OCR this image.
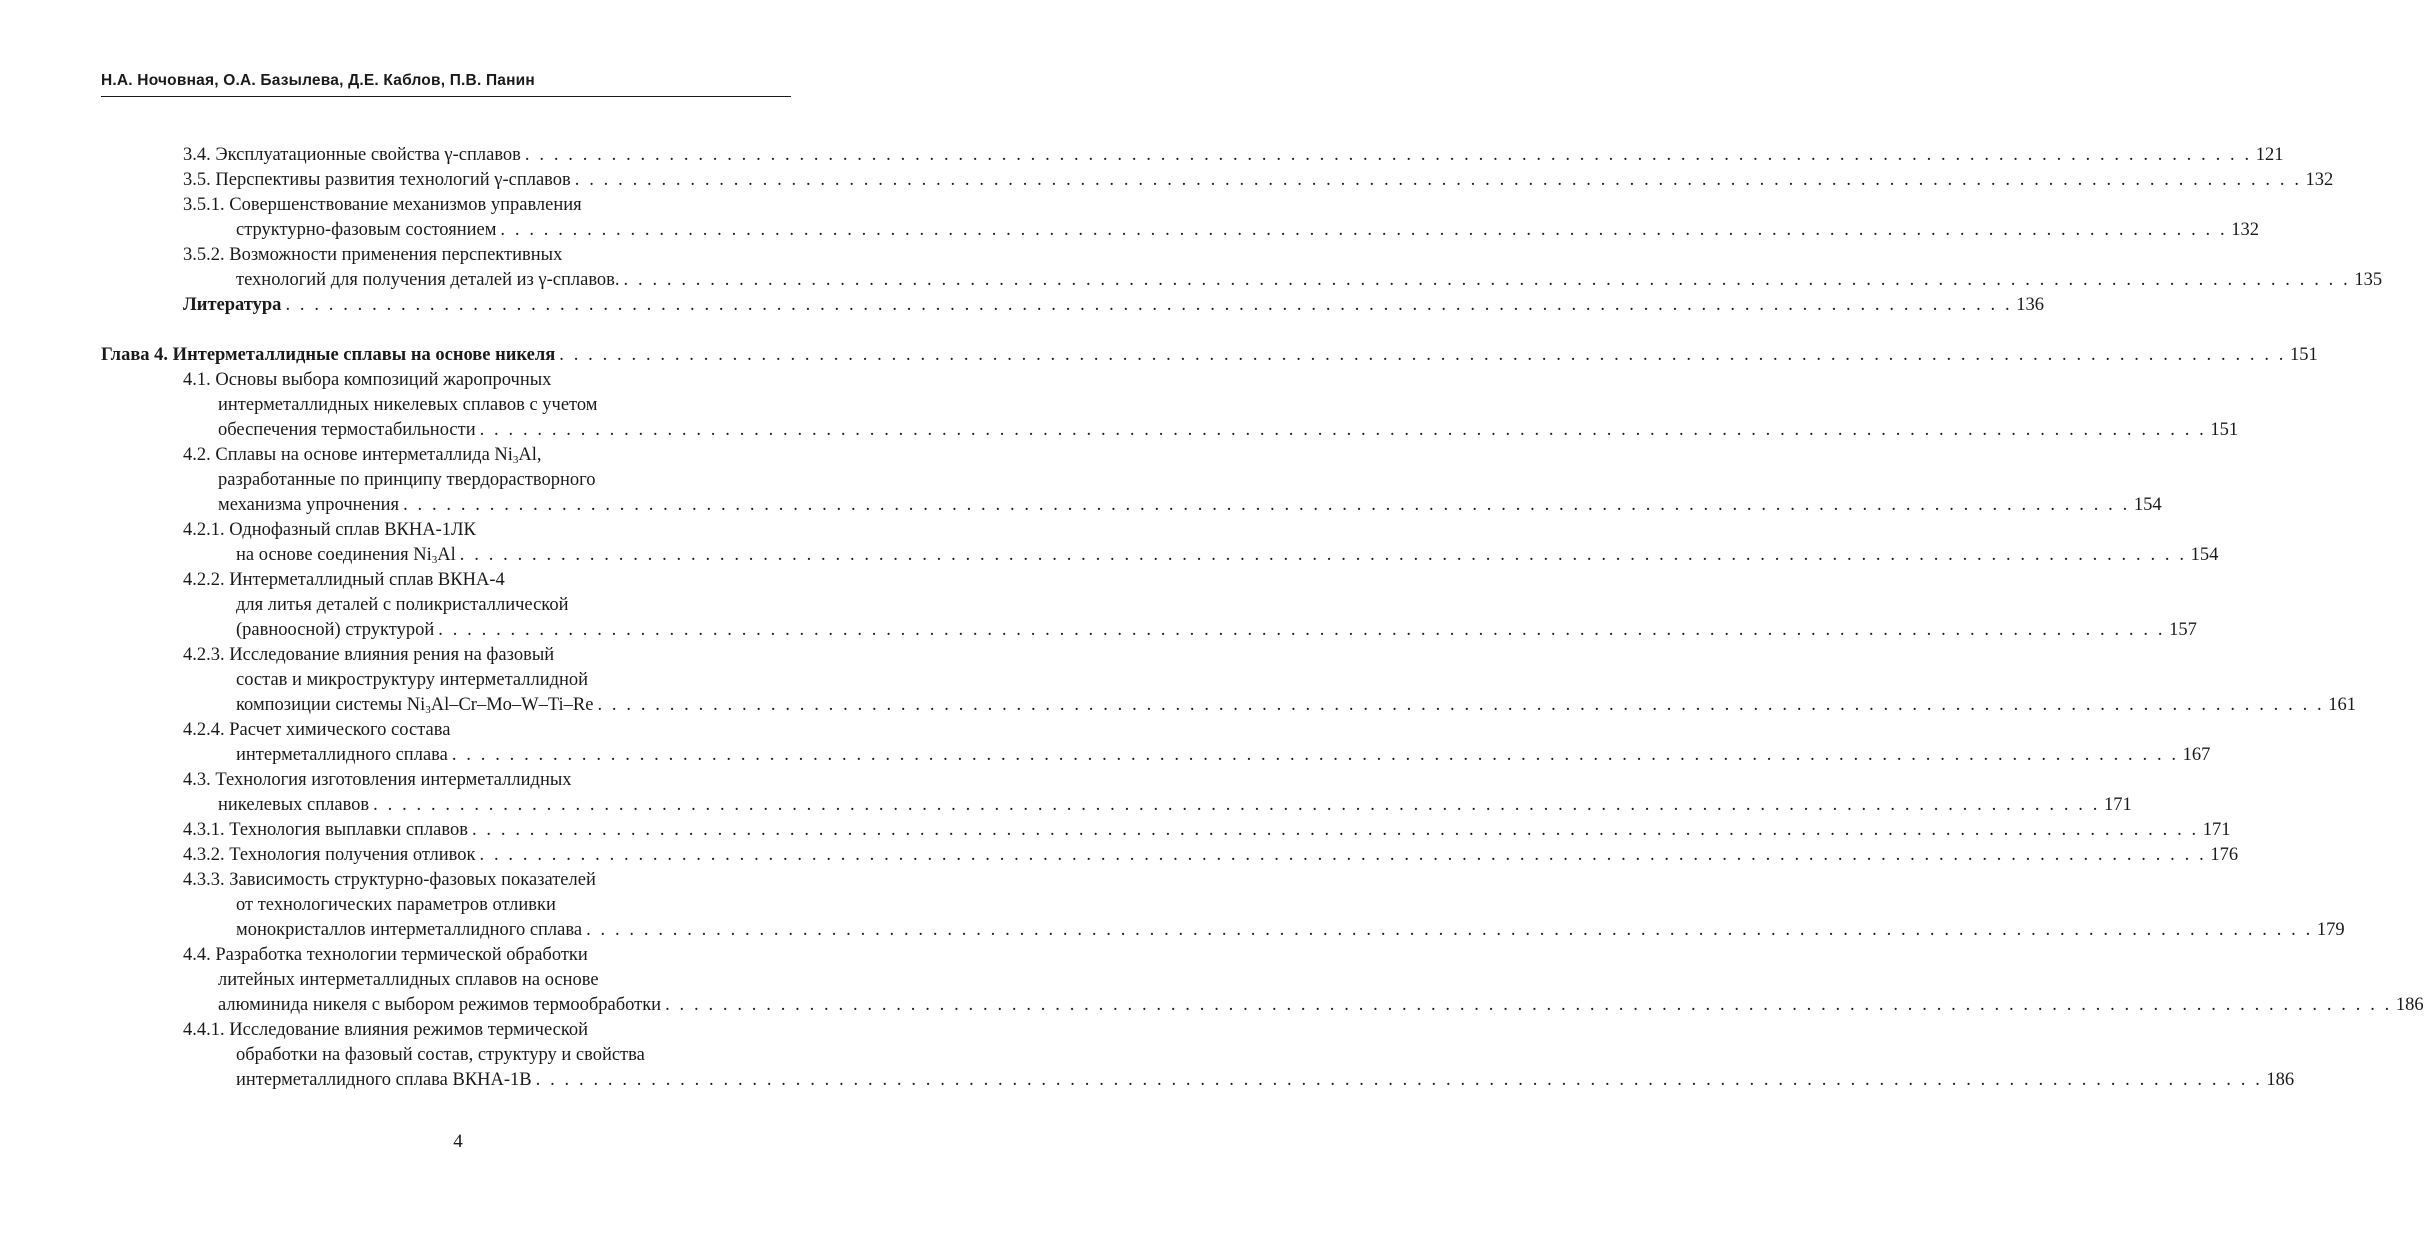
Н.А. Ночовная, О.А. Базылева, Д.Е. Каблов, П.В. Панин
3.4. Эксплуатационные свойства γ-сплавов . . . . . . . . . . . . . . . . . . . . . . . . . . . . . . . . . . . . . . . . . . . . . . . . . . . . . . . . . . . . . . . . . . . . . . . . . . . . . . . . . . . . . . . . . . . . . . . . . . . . . . . . . . . . . . . . . . . . . . . . 121
3.5. Перспективы развития технологий γ-сплавов . . . . . . . . . . . . . . . . . . . . . . . . . . . . . . . . . . . . . . . . . . . . . . . . . . . . . . . . . . . . . . . . . . . . . . . . . . . . . . . . . . . . . . . . . . . . . . . . . . . . . . . . . . . . . . . . . . . . . . . . 132
3.5.1. Совершенствование механизмов управления
структурно-фазовым состоянием . . . . . . . . . . . . . . . . . . . . . . . . . . . . . . . . . . . . . . . . . . . . . . . . . . . . . . . . . . . . . . . . . . . . . . . . . . . . . . . . . . . . . . . . . . . . . . . . . . . . . . . . . . . . . . . . . . . . . . . . 132
3.5.2. Возможности применения перспективных
технологий для получения деталей из γ-сплавов. . . . . . . . . . . . . . . . . . . . . . . . . . . . . . . . . . . . . . . . . . . . . . . . . . . . . . . . . . . . . . . . . . . . . . . . . . . . . . . . . . . . . . . . . . . . . . . . . . . . . . . . . . . . . . . . . . . . . . . . . 135
Литература . . . . . . . . . . . . . . . . . . . . . . . . . . . . . . . . . . . . . . . . . . . . . . . . . . . . . . . . . . . . . . . . . . . . . . . . . . . . . . . . . . . . . . . . . . . . . . . . . . . . . . . . . . . . . . . . . . . . . . . . 136
Глава 4. Интерметаллидные сплавы на основе никеля . . . . . . . . . . . . . . . . . . . . . . . . . . . . . . . . . . . . . . . . . . . . . . . . . . . . . . . . . . . . . . . . . . . . . . . . . . . . . . . . . . . . . . . . . . . . . . . . . . . . . . . . . . . . . . . . . . . . . . . . 151
4.1. Основы выбора композиций жаропрочных
интерметаллидных никелевых сплавов с учетом
обеспечения термостабильности . . . . . . . . . . . . . . . . . . . . . . . . . . . . . . . . . . . . . . . . . . . . . . . . . . . . . . . . . . . . . . . . . . . . . . . . . . . . . . . . . . . . . . . . . . . . . . . . . . . . . . . . . . . . . . . . . . . . . . . . 151
4.2. Сплавы на основе интерметаллида $Ni_3Al$,
разработанные по принципу твердорастворного
механизма упрочнения . . . . . . . . . . . . . . . . . . . . . . . . . . . . . . . . . . . . . . . . . . . . . . . . . . . . . . . . . . . . . . . . . . . . . . . . . . . . . . . . . . . . . . . . . . . . . . . . . . . . . . . . . . . . . . . . . . . . . . . . 154
4.2.1. Однофазный сплав ВКНА-1ЛК
на основе соединения $Ni_3Al$ . . . . . . . . . . . . . . . . . . . . . . . . . . . . . . . . . . . . . . . . . . . . . . . . . . . . . . . . . . . . . . . . . . . . . . . . . . . . . . . . . . . . . . . . . . . . . . . . . . . . . . . . . . . . . . . . . . . . . . . . 154
4.2.2. Интерметаллидный сплав ВКНА-4
для литья деталей с поликристаллической
(равноосной) структурой . . . . . . . . . . . . . . . . . . . . . . . . . . . . . . . . . . . . . . . . . . . . . . . . . . . . . . . . . . . . . . . . . . . . . . . . . . . . . . . . . . . . . . . . . . . . . . . . . . . . . . . . . . . . . . . . . . . . . . . . 157
4.2.3. Исследование влияния рения на фазовый
состав и микроструктуру интерметаллидной
композиции системы $Ni_3Al-Cr-Mo-W-Ti-Re$ . . . . . . . . . . . . . . . . . . . . . . . . . . . . . . . . . . . . . . . . . . . . . . . . . . . . . . . . . . . . . . . . . . . . . . . . . . . . . . . . . . . . . . . . . . . . . . . . . . . . . . . . . . . . . . . . . . . . . . . . 161
4.2.4. Расчет химического состава
интерметаллидного сплава . . . . . . . . . . . . . . . . . . . . . . . . . . . . . . . . . . . . . . . . . . . . . . . . . . . . . . . . . . . . . . . . . . . . . . . . . . . . . . . . . . . . . . . . . . . . . . . . . . . . . . . . . . . . . . . . . . . . . . . . 167
4.3. Технология изготовления интерметаллидных
никелевых сплавов . . . . . . . . . . . . . . . . . . . . . . . . . . . . . . . . . . . . . . . . . . . . . . . . . . . . . . . . . . . . . . . . . . . . . . . . . . . . . . . . . . . . . . . . . . . . . . . . . . . . . . . . . . . . . . . . . . . . . . . . 171
4.3.1. Технология выплавки сплавов . . . . . . . . . . . . . . . . . . . . . . . . . . . . . . . . . . . . . . . . . . . . . . . . . . . . . . . . . . . . . . . . . . . . . . . . . . . . . . . . . . . . . . . . . . . . . . . . . . . . . . . . . . . . . . . . . . . . . . . . 171
4.3.2. Технология получения отливок . . . . . . . . . . . . . . . . . . . . . . . . . . . . . . . . . . . . . . . . . . . . . . . . . . . . . . . . . . . . . . . . . . . . . . . . . . . . . . . . . . . . . . . . . . . . . . . . . . . . . . . . . . . . . . . . . . . . . . . . 176
4.3.3. Зависимость структурно-фазовых показателей
от технологических параметров отливки
монокристаллов интерметаллидного сплава . . . . . . . . . . . . . . . . . . . . . . . . . . . . . . . . . . . . . . . . . . . . . . . . . . . . . . . . . . . . . . . . . . . . . . . . . . . . . . . . . . . . . . . . . . . . . . . . . . . . . . . . . . . . . . . . . . . . . . . . 179
4.4. Разработка технологии термической обработки
литейных интерметаллидных сплавов на основе
алюминида никеля с выбором режимов термообработки . . . . . . . . . . . . . . . . . . . . . . . . . . . . . . . . . . . . . . . . . . . . . . . . . . . . . . . . . . . . . . . . . . . . . . . . . . . . . . . . . . . . . . . . . . . . . . . . . . . . . . . . . . . . . . . . . . . . . . . . 186
4.4.1. Исследование влияния режимов термической
обработки на фазовый состав, структуру и свойства
интерметаллидного сплава ВКНА-1В . . . . . . . . . . . . . . . . . . . . . . . . . . . . . . . . . . . . . . . . . . . . . . . . . . . . . . . . . . . . . . . . . . . . . . . . . . . . . . . . . . . . . . . . . . . . . . . . . . . . . . . . . . . . . . . . . . . . . . . . 186
4
